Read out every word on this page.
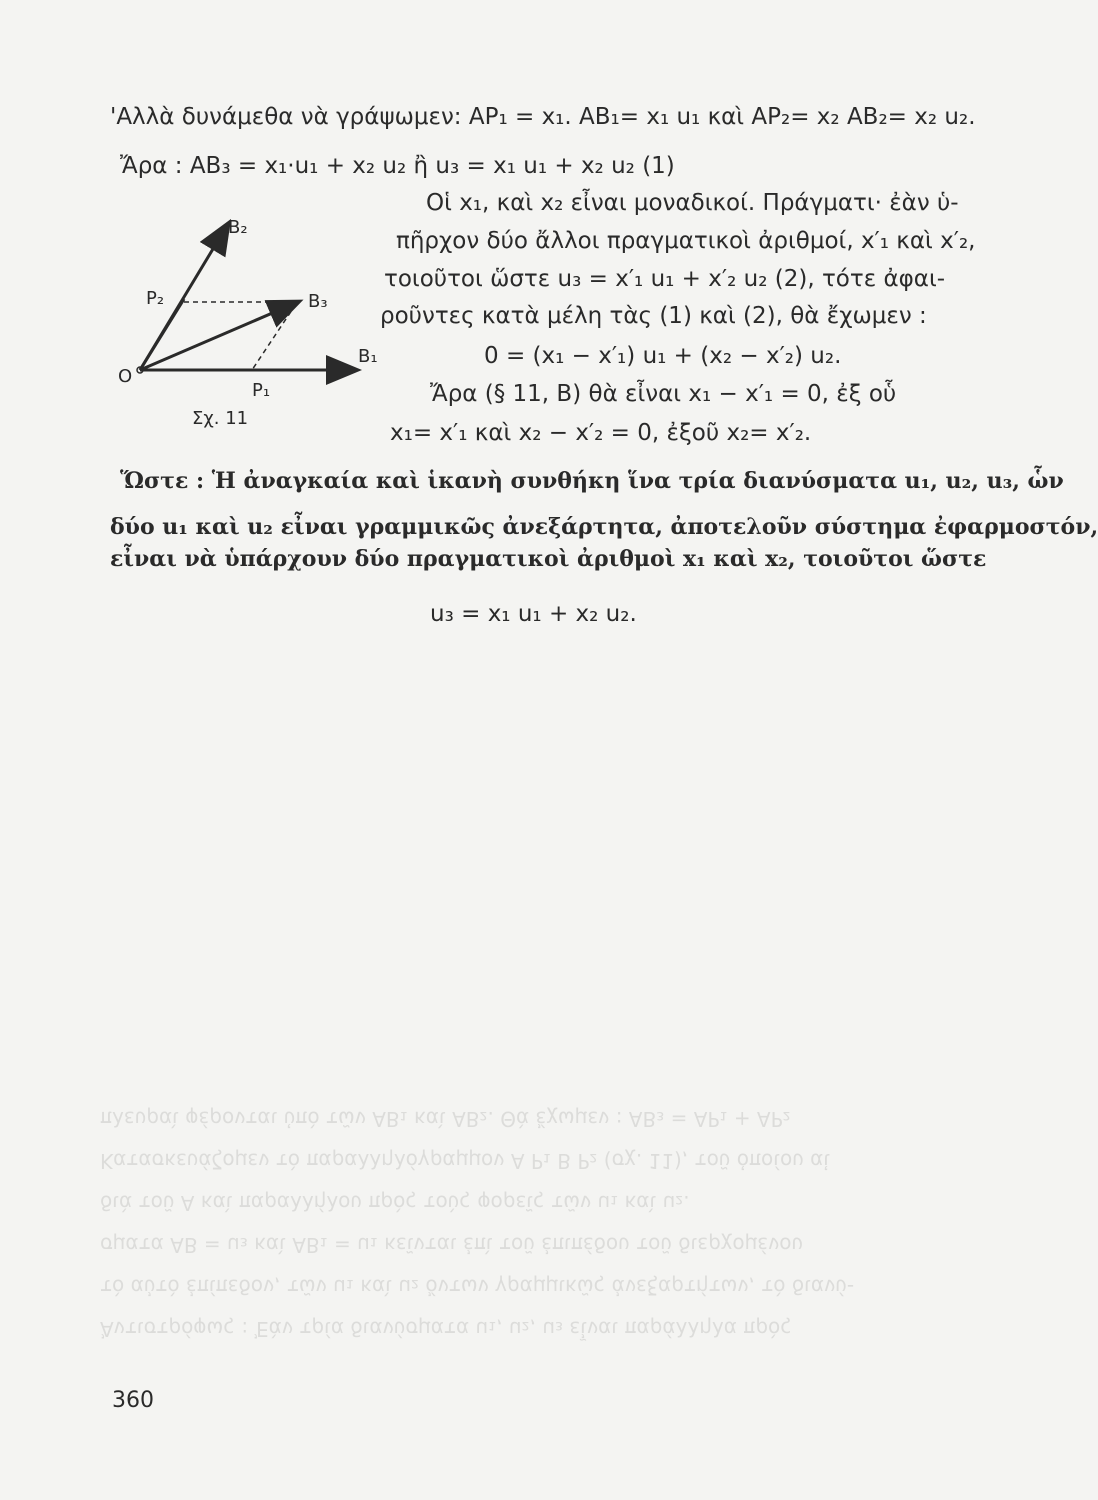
Ἀντιστρόφως : Ἐὰν τρία διανύσματα u₁, u₂, u₃ εἶναι παράλληλα πρὸς
τὸ αὐτὸ ἐπίπεδον, τῶν u₁ καὶ u₂ ὄντων γραμμικῶς ἀνεξαρτήτων, τὸ διανύ-
σματα AB = u₃ καὶ AB₁ = u₁ κεῖνται ἐπὶ τοῦ ἐπιπέδου τοῦ διερχομένου
διὰ τοῦ A καὶ παραλλήλου πρὸς τοὺς φορεῖς τῶν u₁ καὶ u₂.
Κατασκευάζομεν τὸ παραλληλόγραμμον A P₁ B P₂ (σχ. 11), τοῦ ὁποίου αἱ
πλευραὶ φέρονται ὑπὸ τῶν AB₁ καὶ AB₂. Θὰ ἔχωμεν : AB₃ = AP₁ + AP₂
'Αλλὰ δυνάμεθα νὰ γράψωμεν: AP₁ = x₁. AB₁= x₁ u₁ καὶ AP₂= x₂ AB₂= x₂ u₂.
Ἄρα : AB₃ = x₁·u₁ + x₂ u₂ ἢ u₃ = x₁ u₁ + x₂ u₂ (1)
Οἱ x₁, καὶ x₂ εἶναι μοναδικοί. Πράγματι· ἐὰν ὑ-
πῆρχον δύο ἄλλοι πραγματικοὶ ἀριθμοί, x′₁ καὶ x′₂,
τοιοῦτοι ὥστε u₃ = x′₁ u₁ + x′₂ u₂ (2), τότε ἀφαι-
ροῦντες κατὰ μέλη τὰς (1) καὶ (2), θὰ ἔχωμεν :
0 = (x₁ − x′₁) u₁ + (x₂ − x′₂) u₂.
Ἄρα (§ 11, B) θὰ εἶναι x₁ − x′₁ = 0, ἐξ οὗ
x₁= x′₁ καὶ x₂ − x′₂ = 0, ἐξοῦ x₂= x′₂.
Ὥστε : Ἡ ἀναγκαία καὶ ἱκανὴ συνθήκη ἵνα τρία διανύσματα u₁, u₂, u₃, ὧν
δύο u₁ καὶ u₂ εἶναι γραμμικῶς ἀνεξάρτητα, ἀποτελοῦν σύστημα ἐφαρμοστόν,
εἶναι νὰ ὑπάρχουν δύο πραγματικοὶ ἀριθμοὶ x₁ καὶ x₂, τοιοῦτοι ὥστε
u₃ = x₁ u₁ + x₂ u₂.
O
B₂
P₂	B₃
B₁
P₁
Σχ. 11
360
